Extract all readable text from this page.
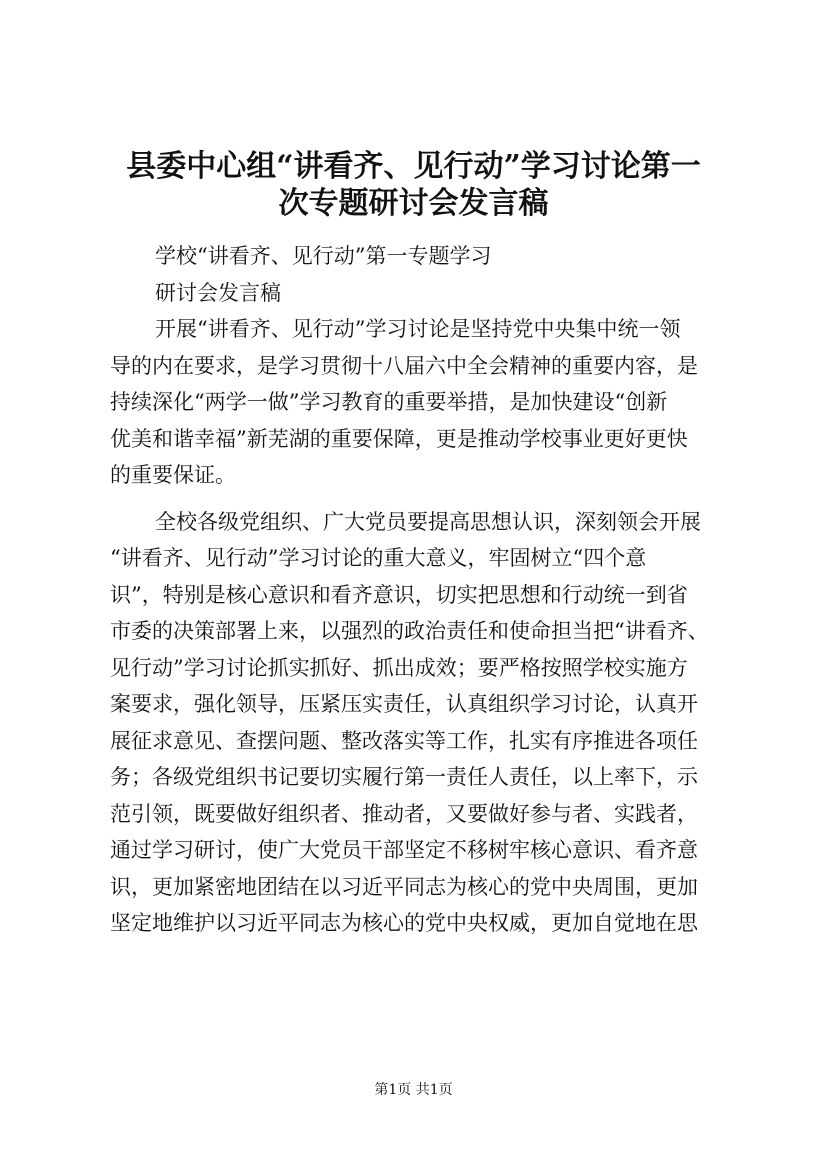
县委中心组“讲看齐、见行动”学习讨论第一
次专题研讨会发言稿
学校“讲看齐、见行动”第一专题学习
研讨会发言稿
开展“讲看齐、见行动”学习讨论是坚持党中央集中统一领
导的内在要求，是学习贯彻十八届六中全会精神的重要内容，是
持续深化“两学一做”学习教育的重要举措，是加快建设“创新
优美和谐幸福”新芜湖的重要保障，更是推动学校事业更好更快
的重要保证。
全校各级党组织、广大党员要提高思想认识，深刻领会开展
“讲看齐、见行动”学习讨论的重大意义，牢固树立“四个意
识”，特别是核心意识和看齐意识，切实把思想和行动统一到省
市委的决策部署上来，以强烈的政治责任和使命担当把“讲看齐、
见行动”学习讨论抓实抓好、抓出成效；要严格按照学校实施方
案要求，强化领导，压紧压实责任，认真组织学习讨论，认真开
展征求意见、查摆问题、整改落实等工作，扎实有序推进各项任
务；各级党组织书记要切实履行第一责任人责任，以上率下，示
范引领，既要做好组织者、推动者，又要做好参与者、实践者，
通过学习研讨，使广大党员干部坚定不移树牢核心意识、看齐意
识，更加紧密地团结在以习近平同志为核心的党中央周围，更加
坚定地维护以习近平同志为核心的党中央权威，更加自觉地在思
第1页 共1页
